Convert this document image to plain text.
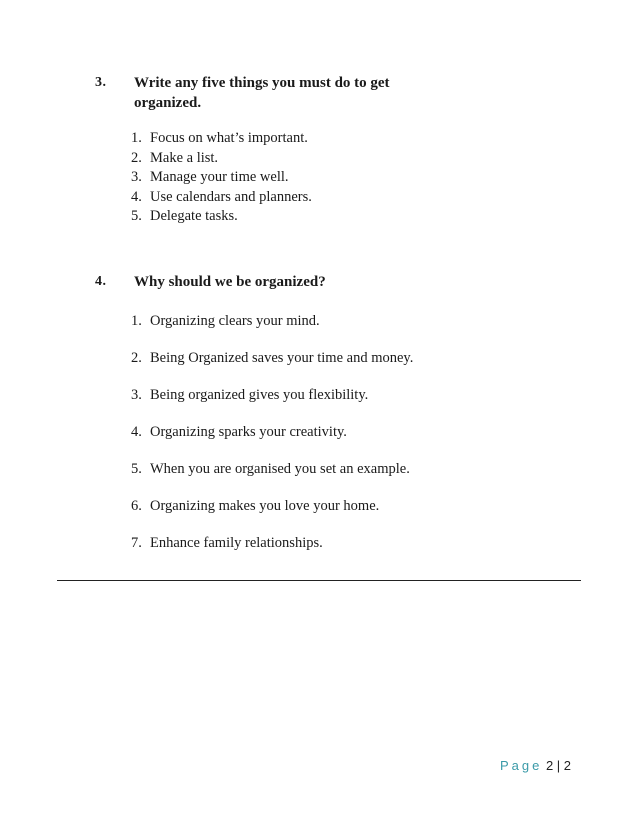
3. Write any five things you must do to get organized.
1. Focus on what’s important.
2. Make a list.
3. Manage your time well.
4. Use calendars and planners.
5. Delegate tasks.
4. Why should we be organized?
1. Organizing clears your mind.
2. Being Organized saves your time and money.
3. Being organized gives you flexibility.
4. Organizing sparks your creativity.
5. When you are organised you set an example.
6. Organizing makes you love your home.
7. Enhance family relationships.
Page 2 | 2
